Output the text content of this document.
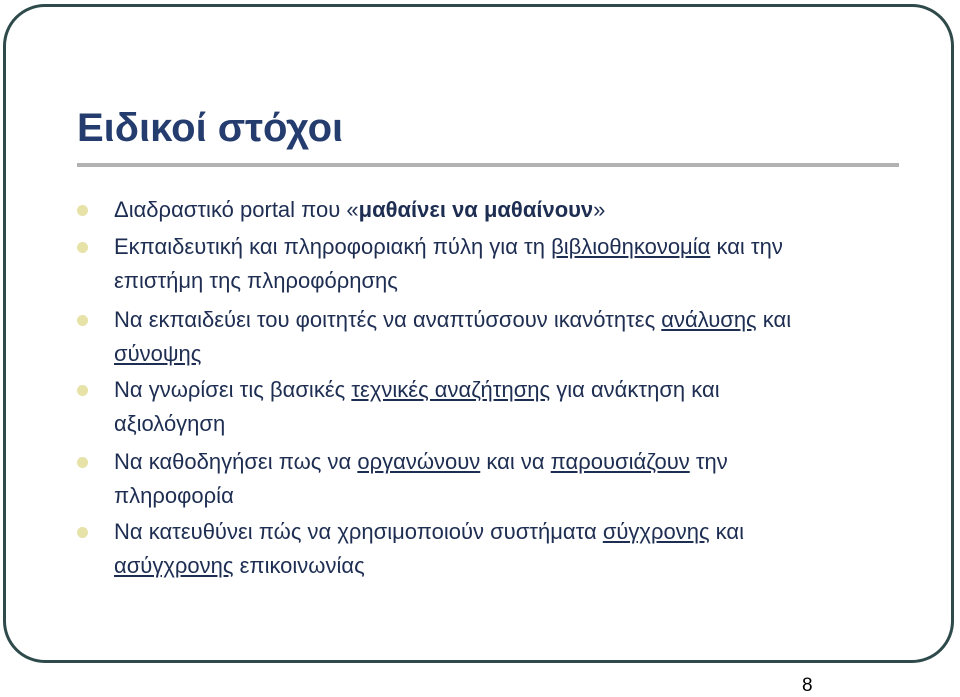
Ειδικοί στόχοι
Διαδραστικό portal που «μαθαίνει να μαθαίνουν»
Εκπαιδευτική και πληροφοριακή πύλη για τη βιβλιοθηκονομία και την
επιστήμη της πληροφόρησης
Να εκπαιδεύει του φοιτητές να αναπτύσσουν ικανότητες ανάλυσης και
σύνοψης
Να γνωρίσει τις βασικές τεχνικές αναζήτησης για ανάκτηση και
αξιολόγηση
Να καθοδηγήσει πως να οργανώνουν και να παρουσιάζουν την
πληροφορία
Να κατευθύνει πώς να χρησιμοποιούν συστήματα σύγχρονης και
ασύγχρονης επικοινωνίας
8
